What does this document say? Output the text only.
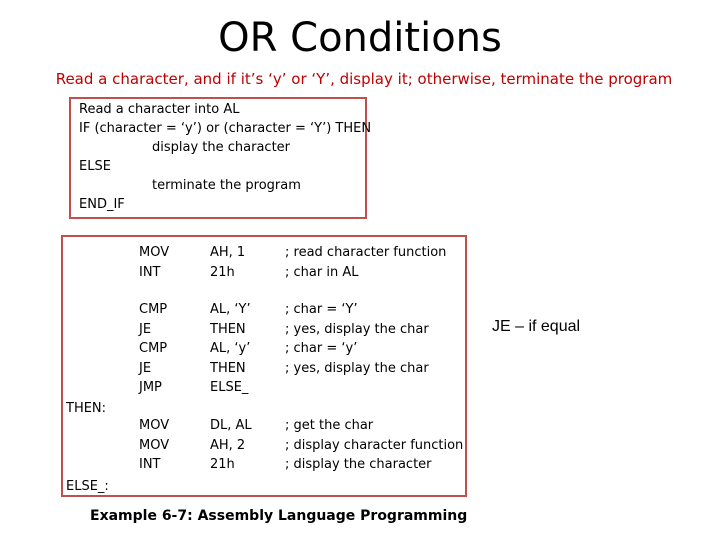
OR Conditions
Read a character, and if it’s ‘y’ or ‘Y’, display it; otherwise, terminate the program
Read a character into AL
IF (character = ‘y’) or (character = ‘Y’) THEN
display the character
ELSE
terminate the program
END_IF
MOV
INT
AH, 1
21h
; read character function
; char in AL
CMP
JE
CMP
JE
JMP
AL, ‘Y’
THEN
AL, ‘y’
THEN
ELSE_
; char = ‘Y’
; yes, display the char
; char = ‘y’
; yes, display the char
MOV
MOV
INT
DL, AL
AH, 2
21h
; get the char
; display character function
; display the character
THEN:
ELSE_:
JE – if equal
Example 6-7: Assembly Language Programming
